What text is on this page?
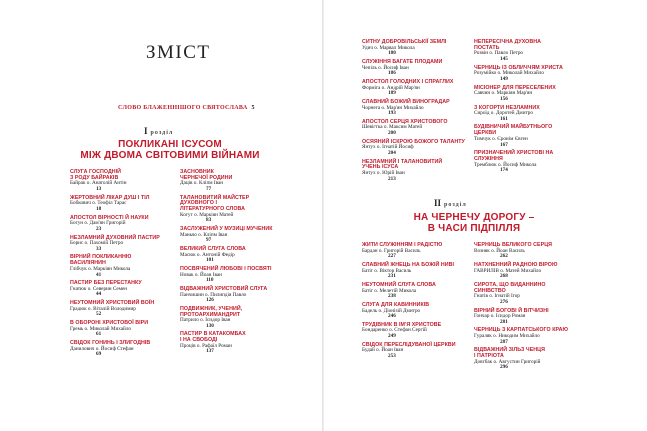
ЗМІСТ
СЛОВО БЛАЖЕННІШОГО СВЯТОСЛАВА 5
Iрозділ
ПОКЛИКАНІ ІСУСОМ
МІЖ ДВОМА СВІТОВИМИ ВІЙНАМИ
СЛУГА ГОСПОДНІЙ
З РОДУ БАЙРАКІВ
Байрак о. Анатолій Антін
13
ЖЕРТОВНИЙ ЛІКАР ДУШ І ТІЛ
Бобкович о. Теофіл Тарас
18
АПОСТОЛ ВІРНОСТІ Й НАУКИ
Богун о. Дам'ян Григорій
23
НЕЗЛАМНИЙ ДУХОВНИЙ ПАСТИР
Борис о. Пахомій Петро
33
ВІРНИЙ ПОКЛИКАННЮ
ВАСИЛІЯНИН
Глібчук о. Маркіян Микола
41
ПАСТИР БЕЗ ПЕРЕСТАНКУ
Гнатюк о. Северин Семен
44
НЕУТОМНИЙ ХРИСТОВИЙ ВОЇН
Градюк о. Віталій Володимир
52
В ОБОРОНІ ХРИСТОВОЇ ВІРИ
Гремь о. Миколай Михайло
61
СВІДОК ГОНИНЬ І ЗЛИГОДНІВ
Данилович о. Йосиф Стефан
69
ЗАСНОВНИК
ЧЕРНЕЧОЇ РОДИНИ
Даців о. Кліпм Іван
77
ТАЛАНОВИТИЙ МАЙСТЕР
ДУХОВНОГО І
ЛІТЕРАТУРНОГО СЛОВА
Когут о. Маркіян Матей
83
ЗАСЛУЖЕНИЙ У МУЗИЦІ МУЧЕНИК
Маньчо о. Кліпм Іван
97
ВЕЛИКИЙ СЛУГА СЛОВА
Масюк о. Антоній Федір
101
ПОСВЯЧЕНИЙ ЛЮБОВІ І ПОСВЯТІ
Новак о. Йоан Іван
110
ВІДВАЖНИЙ ХРИСТОВИЙ СЛУГА
Панчишин о. Пилипдія Павло
126
ПОДВИЖНИК, УЧЕНИЙ,
ПРОТОАРХИМАНДРИТ
Патрило о. Ісидор Іван
130
ПАСТИР В КАТАКОМБАХ
І НА СВОБОДІ
Проців о. Рафаїл Роман
137
СИТНУ ДОБРОВІЛЬСЬКІЇ ЗЕМЛІ
Удич о. Марвал Микола
180
СЛУЖІННЯ БАГАТЕ ПЛОДАМИ
Чепіль о. Йосиф Іван
186
АПОСТОЛ ГОЛОДНИХ І СПРАГЛИХ
Форміга о. Андрій Мар'ян
189
СЛАВНИЙ БОЖИЙ ВИНОГРАДАР
Чорнега о. Мар'ян Михайло
193
АПОСТОЛ СЕРЦЯ ХРИСТОВОГО
Шевігтка о. Максим Матей
200
ОСЯЯНИЙ ІСКРОЮ БОЖОГО ТАЛАНТУ
Янтух о. Ігнатій Йосиф
204
НЕЗЛАМНИЙ І ТАЛАНОВИТИЙ
УЧЕНЬ ІСУСА
Янтух о. Юрій Іван
213
НЕПЕРЕСІЧНА ДУХОВНА
ПОСТАТЬ
Розвін о. Павло Петро
145
ЧЕРНИЦЬ ІЗ ОБЛИЧЧЯМ ХРИСТА
Розумійко о. Миколай Михайло
149
МІСІОНЕР ДЛЯ ПЕРЕСЕЛЕНИХ
Савчин о. Маркіян Мар'ян
156
З КОГОРТИ НЕЗЛАМНИХ
Сироїд о. Доротей Дмитро
161
БУДІВНИЧИЙ МАЙБУТНЬОГО
ЦЕРКВИ
Тимчук о. Єронім Євген
167
ПРИЗНАЧЕНИЙ ХРИСТОВІ НА
СЛУЖІННЯ
Тремблюк о. Йосиф Микола
174
II розділ
НА ЧЕРНЕЧУ ДОРОГУ –
В ЧАСИ ПІДПІЛЛЯ
ЖИТИ СЛУЖІННЯМ І РАДІСТЮ
Бардан о. Григорій Василь
227
СЛАВНИЙ ЖНЕЦЬ НА БОЖІЙ НИВІ
Батіг о. Віктор Василь
231
НЕУТОМНИЙ СЛУГА СЛОВА
Батіг о. Мелетій Микола
238
СЛУГА ДЛЯ КАВИННИКІВ
Бадель о. Діонізій Дмитро
246
ТРУДІВНИК В ІМ'Я ХРИСТОВЕ
Бондаренко о. Стефан Сергій
249
СВІДОК ПЕРЕСЛІДУВАНОЇ ЦЕРКВИ
Будай о. Йоан Іван
253
ЧЕРНИЦЬ ВЕЛИКОГО СЕРЦЯ
Возняк о. Йоан Василь
262
НАТХНЕННИЙ РАДНОЮ ВІРОЮ
ГАВРИЛІВ о. Матей Михайло
268
СИРОТА, ЩО ВИДАННИНО
СИНІВСТВО
Гнатів о. Ігнатій Ігор
276
ВІРНИЙ БОГОВІ Й ВІТЧИЗНІ
Гончар о. Ісидор Роман
281
ЧЕРНИЦЬ З КАРПАТСЬКОГО КРАЮ
Гураляк о. Никодим Михайло
287
ВІДВАЖНИЙ ЗІЛЬЗ ЧЕНЦЯ
І ПАТРІОТА
Довгбак о. Августин Григорій
296
